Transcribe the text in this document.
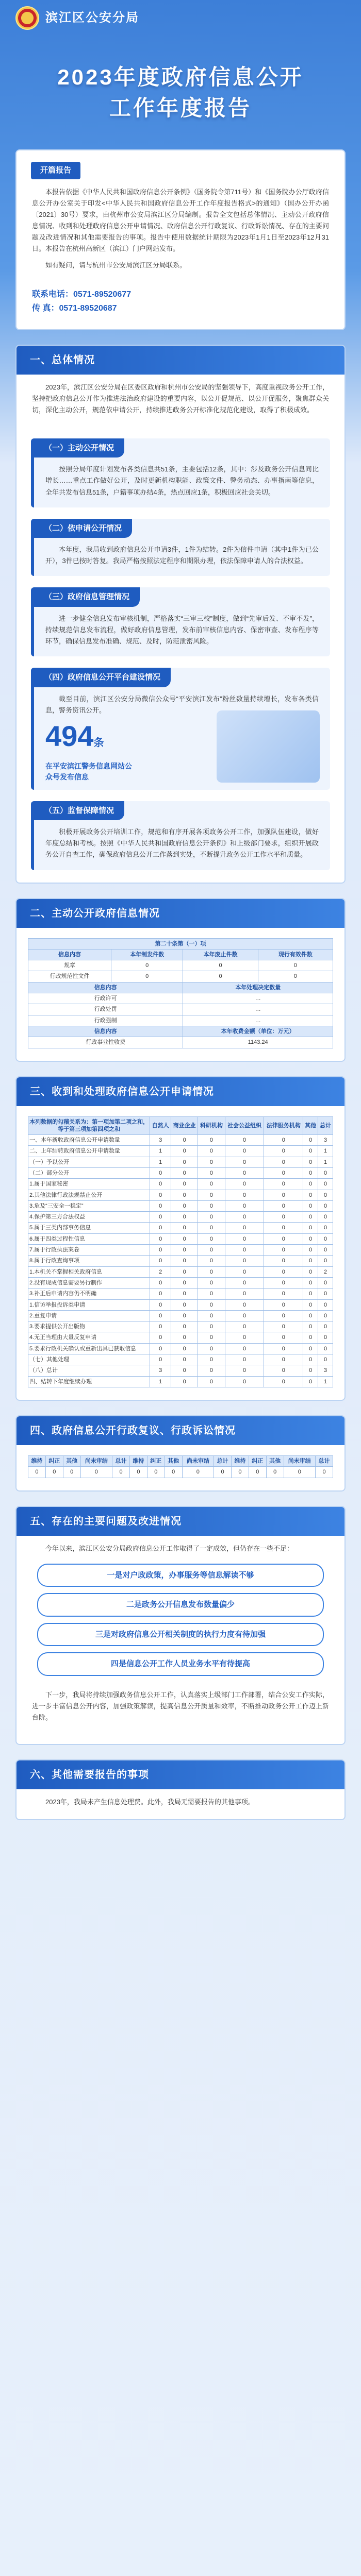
滨江区公安分局
2023年度政府信息公开
工作年度报告
开篇报告

本报告依据《中华人民共和国政府信息公开条例》（国务院令第711号）和《国务院办公厅政府信息公开办公室关于印发<中华人民共和国政府信息公开工作年度报告格式>的通知》（国办公开办函〔2021〕30号）要求，由杭州市公安局滨江区分局编制。报告全文包括总体情况、主动公开政府信息情况、收到和处理政府信息公开申请情况、政府信息公开行政复议、行政诉讼情况、存在的主要问题及改进情况和其他需要报告的事项。报告中使用数据统计期限为2023年1月1日至2023年12月31日。本报告在杭州高新区（滨江）门户网站发布。

如有疑问，请与杭州市公安局滨江区分局联系。

联系电话：0571-89520677
传 真：0571-89520687
一、总体情况
2023年，滨江区公安分局在区委区政府和杭州市公安局的坚强领导下，高度重视政务公开工作，坚持把政府信息公开作为推进法治政府建设的重要内容，以公开促规范、以公开促服务，聚焦群众关切，深化主动公开，规范依申请公开，持续推进政务公开标准化规范化建设，取得了积极成效。
（一）主动公开情况
按照分局年度计划发布各类信息共51条，主要包括12条，其中：涉及政务公开信息同比增长……重点工作做好公开，及时更新机构职能、政策文件、警务动态、办事指南等信息，全年共发布信息51条，户籍事项办结4条，热点回应1条，积极回应社会关切。
（二）依申请公开情况
本年度，我局收到政府信息公开申请3件，1件为结转。2件为信件申请（其中1件为已公开），3件已按时答复。我局严格按照法定程序和期限办理，依法保障申请人的合法权益。
（三）政府信息管理情况
进一步健全信息发布审核机制，严格落实“三审三校”制度，做到“先审后发、不审不发”，持续规范信息发布流程，做好政府信息管理，发布前审核信息内容、保密审查、发布程序等环节，确保信息发布准确、规范、及时，防范泄密风险。
（四）政府信息公开平台建设情况
截至目前，滨江区公安分局微信公众号“平安滨江发布”粉丝数量持续增长，发布各类信息，警务资讯公开。
494条
在平安滨江警务信息网站公众号发布信息
（五）监督保障情况
积极开展政务公开培训工作，规范和有序开展各项政务公开工作，加强队伍建设，做好年度总结和考核。按照《中华人民共和国政府信息公开条例》和上级部门要求，组织开展政务公开自查工作，确保政府信息公开工作落到实处，不断提升政务公开工作水平和质量。
二、主动公开政府信息情况
第二十条第（一）项			
信息内容	本年制发件数	本年废止件数	现行有效件数
规章	0	0	0
行政规范性文件	0	0	0
信息内容		本年处理决定数量	
行政许可		…	
行政处罚		…	
行政强制		…	
信息内容		本年收费金额（单位：万元）	
行政事业性收费		1143.24	
三、收到和处理政府信息公开申请情况
本列数据的勾稽关系为：第一项加第二项之和，等于第三项加第四项之和	自然人	商业企业	科研机构	社会公益组织	法律服务机构	其他	总计
一、本年新收政府信息公开申请数量	3	0	0	0	0	0	3
二、上年结转政府信息公开申请数量	1	0	0	0	0	0	1
（一）予以公开	1	0	0	0	0	0	1
（二）部分公开	0	0	0	0	0	0	0
1.属于国家秘密	0	0	0	0	0	0	0
2.其他法律行政法规禁止公开	0	0	0	0	0	0	0
3.危及“三安全一稳定”	0	0	0	0	0	0	0
4.保护第三方合法权益	0	0	0	0	0	0	0
5.属于三类内部事务信息	0	0	0	0	0	0	0
6.属于四类过程性信息	0	0	0	0	0	0	0
7.属于行政执法案卷	0	0	0	0	0	0	0
8.属于行政查询事项	0	0	0	0	0	0	0
1.本机关不掌握相关政府信息	2	0	0	0	0	0	2
2.没有现成信息需要另行制作	0	0	0	0	0	0	0
3.补正后申请内容仍不明确	0	0	0	0	0	0	0
1.信访举报投诉类申请	0	0	0	0	0	0	0
2.重复申请	0	0	0	0	0	0	0
3.要求提供公开出版物	0	0	0	0	0	0	0
4.无正当理由大量反复申请	0	0	0	0	0	0	0
5.要求行政机关确认或重新出具已获取信息	0	0	0	0	0	0	0
（七）其他处理	0	0	0	0	0	0	0
（八）总计	3	0	0	0	0	0	3
四、结转下年度继续办理	1	0	0	0	0	0	1
四、政府信息公开行政复议、行政诉讼情况
维持	纠正	其他	尚未审结	总计	维持	纠正	其他	尚未审结	总计	维持	纠正	其他	尚未审结	总计
0	0	0	0	0	0	0	0	0	0	0	0	0	0	0
五、存在的主要问题及改进情况
今年以来，滨江区公安分局政府信息公开工作取得了一定成效，但仍存在一些不足：
一是对户政政策，办事服务等信息解读不够
二是政务公开信息发布数量偏少
三是对政府信息公开相关制度的执行力度有待加强
四是信息公开工作人员业务水平有待提高
下一步，我局将持续加强政务信息公开工作，认真落实上级部门工作部署，结合公安工作实际，进一步丰富信息公开内容，加强政策解读，提高信息公开质量和效率，不断推动政务公开工作迈上新台阶。
六、其他需要报告的事项
2023年，我局未产生信息处理费。此外，我局无需要报告的其他事项。
